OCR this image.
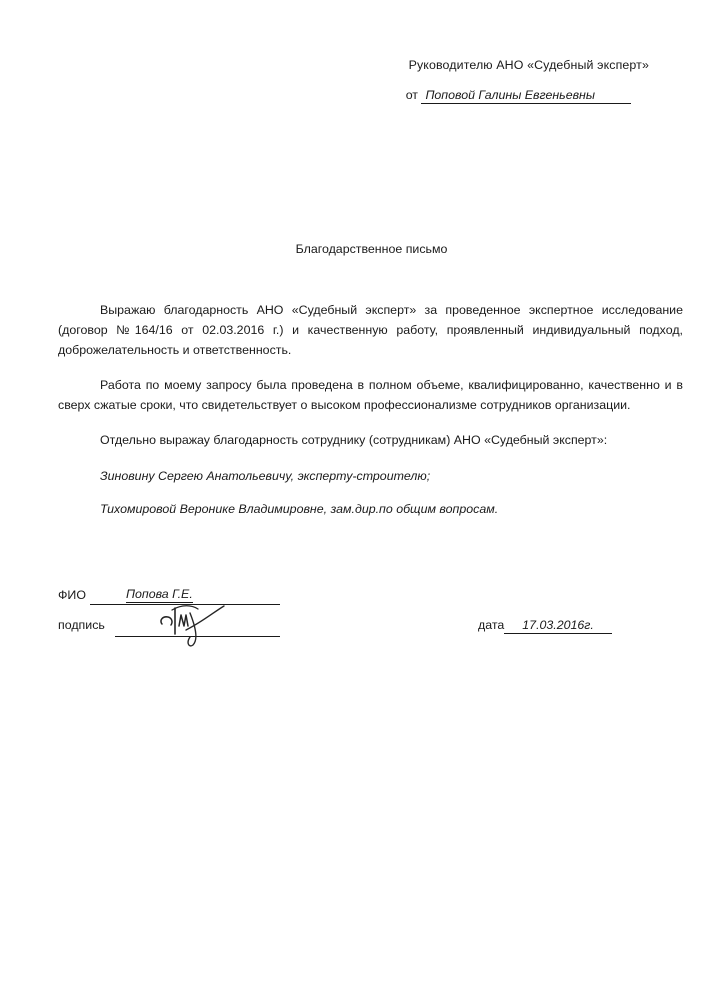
Руководителю АНО «Судебный эксперт»
от Поповой Галины Евгеньевны
Благодарственное письмо

Выражаю благодарность АНО «Судебный эксперт» за проведенное экспертное исследование (договор №164/16 от 02.03.2016 г.) и качественную работу, проявленный индивидуальный подход, доброжелательность и ответственность.

Работа по моему запросу была проведена в полном объеме, квалифицированно, качественно и в сверх сжатые сроки, что свидетельствует о высоком профессионализме сотрудников организации.

Отдельно выражау благодарность сотруднику (сотрудникам) АНО «Судебный эксперт»:

Зиновину Сергею Анатольевичу, эксперту-строителю;

Тихомировой Веронике Владимировне, зам.дир.по общим вопросам.

ФИО	Попова Г.Е.
подпись	дата 17.03.2016г.
